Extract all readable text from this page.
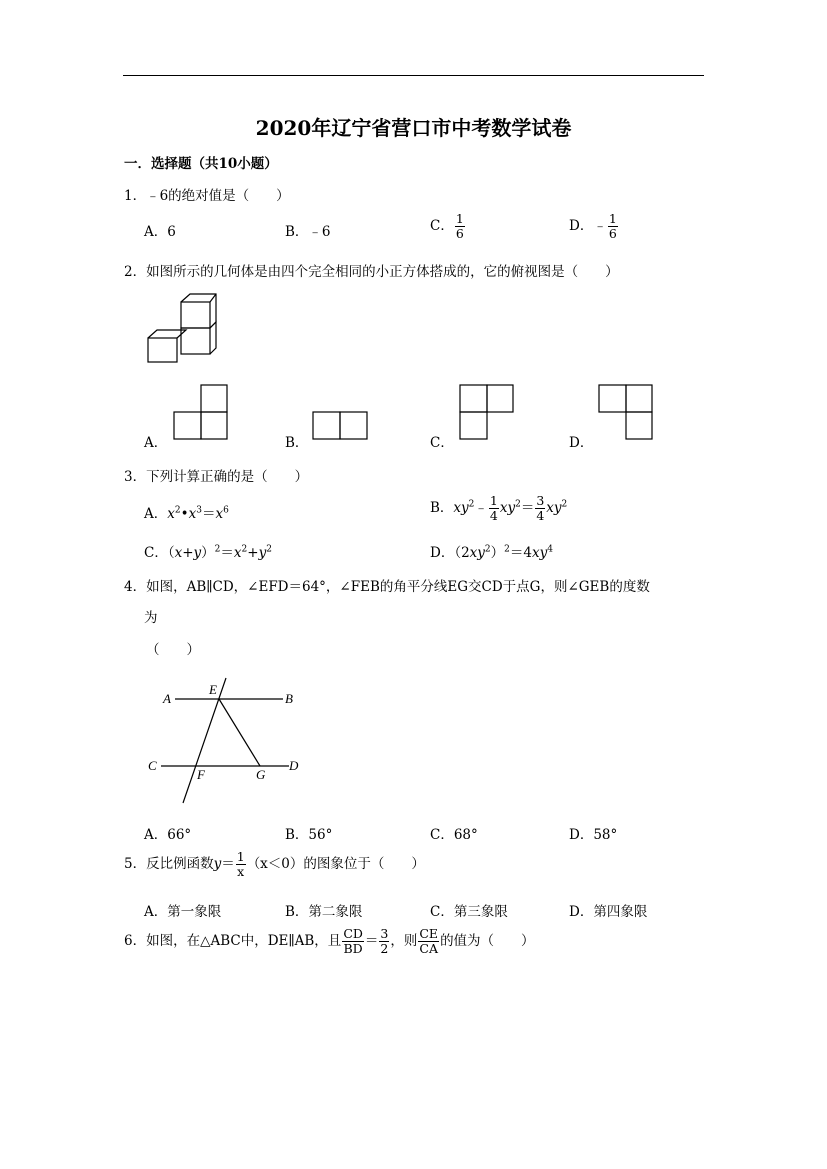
2020年辽宁省营口市中考数学试卷
一．选择题（共10小题）
1．﹣6的绝对值是（　　）
A．6	B．﹣6	C． $\frac{1}{6}$	D．﹣ $\frac{1}{6}$
2．如图所示的几何体是由四个完全相同的小正方体搭成的，它的俯视图是（　　）
A．	B．	C．	D．
3．下列计算正确的是（　　）
A．$x^2•x^3=x^6$	B．$xy^2﹣ \frac{1}{4} xy^2= \frac{3}{4} xy^2$
C．$(x+y)^2=x^2+y^2$	D．$(2xy^2)^2=4xy^4$
4．如图，AB∥CD，∠EFD＝64°，∠FEB的角平分线EG交CD于点G，则∠GEB的度数
为
（　　）
A
E
B
C
F	G
D
A．66°	B．56°	C．68°	D．58°
5．反比例函数$y= \frac{1}{x} (x<0)$的图象位于（　　）
A．第一象限	B．第二象限	C．第三象限	D．第四象限
6．如图，在△ABC中，DE∥AB，且 $\frac{CD}{BD} = \frac{3}{2}$ ，则 $\frac{CE}{CA}$ 的值为（　　）
